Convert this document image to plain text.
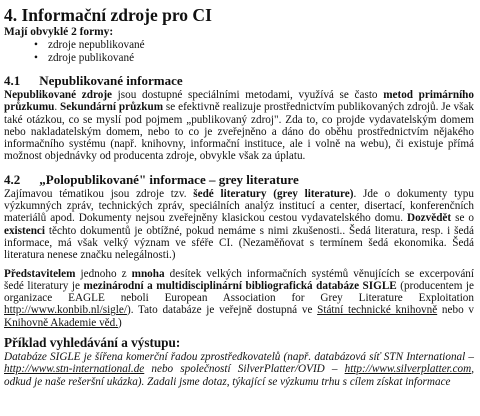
4. Informační zdroje pro CI

Mají obvyklé 2 formy:

• zdroje nepublikované
• zdroje publikované
4.1 Nepublikované informace

Nepublikované zdroje jsou dostupné speciálními metodami, využívá se často metod primárního průzkumu. Sekundární průzkum se efektivně realizuje prostřednictvím publikovaných zdrojů. Je však také otázkou, co se myslí pod pojmem „publikovaný zdroj". Zda to, co projde vydavatelským domem nebo nakladatelským domem, nebo to co je zveřejněno a dáno do oběhu prostřednictvím nějakého informačního systému (např. knihovny, informační instituce, ale i volně na webu), či existuje přímá možnost objednávky od producenta zdroje, obvykle však za úplatu.

4.2 „Polopublikované" informace – grey literature

Zajímavou tématikou jsou zdroje tzv. šedé literatury (grey literature). Jde o dokumenty typu výzkumných zpráv, technických zpráv, speciálních analýz institucí a center, disertací, konferenčních materiálů apod. Dokumenty nejsou zveřejněny klasickou cestou vydavatelského domu. Dozvědět se o existenci těchto dokumentů je obtížné, pokud nemáme s nimi zkušenosti.. Šedá literatura, resp. i šedá informace, má však velký význam ve sféře CI. (Nezaměňovat s termínem šedá ekonomika. Šedá literatura nenese značku nelegálnosti.)

Představitelem jednoho z mnoha desítek velkých informačních systémů věnujících se excerpování šedé literatury je mezinárodní a multidisciplinární bibliografická databáze SIGLE (producentem je organizace EAGLE neboli European Association for Grey Literature Exploitation http://www.konbib.nl/sigle/). Tato databáze je veřejně dostupná ve Státní technické knihovně nebo v Knihovně Akademie věd.)

Příklad vyhledávání a výstupu:

Databáze SIGLE je šířena komerční řadou zprostředkovatelů (např. databázová síť STN International – http://www.stn-international.de nebo společností SilverPlatter/OVID – http://www.silverplatter.com, odkud je naše rešeršní ukázka). Zadali jsme dotaz, týkající se výzkumu trhu s cílem získat informace
